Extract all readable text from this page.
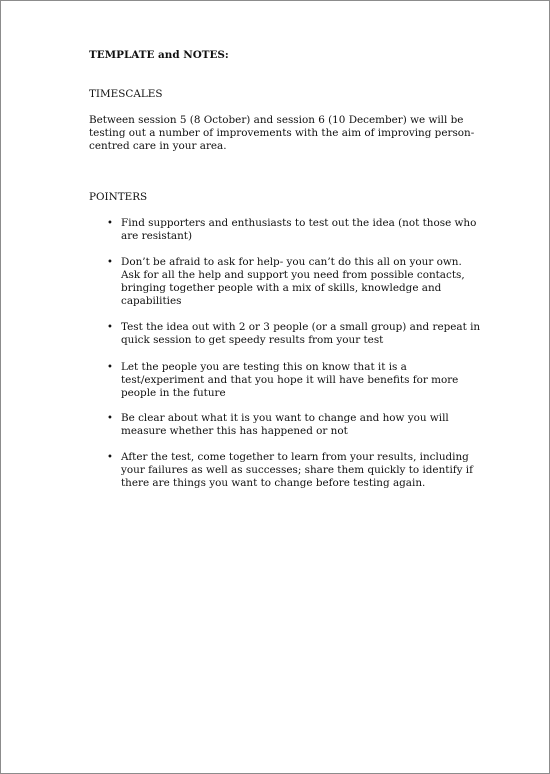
TEMPLATE and NOTES:
TIMESCALES
Between session 5 (8 October) and session 6 (10 December) we will be testing out a number of improvements with the aim of improving person-centred care in your area.
POINTERS
• Find supporters and enthusiasts to test out the idea (not those who are resistant)
• Don’t be afraid to ask for help- you can’t do this all on your own. Ask for all the help and support you need from possible contacts, bringing together people with a mix of skills, knowledge and capabilities
• Test the idea out with 2 or 3 people (or a small group) and repeat in quick session to get speedy results from your test
• Let the people you are testing this on know that it is a test/experiment and that you hope it will have benefits for more people in the future
• Be clear about what it is you want to change and how you will measure whether this has happened or not
• After the test, come together to learn from your results, including your failures as well as successes; share them quickly to identify if there are things you want to change before testing again.
